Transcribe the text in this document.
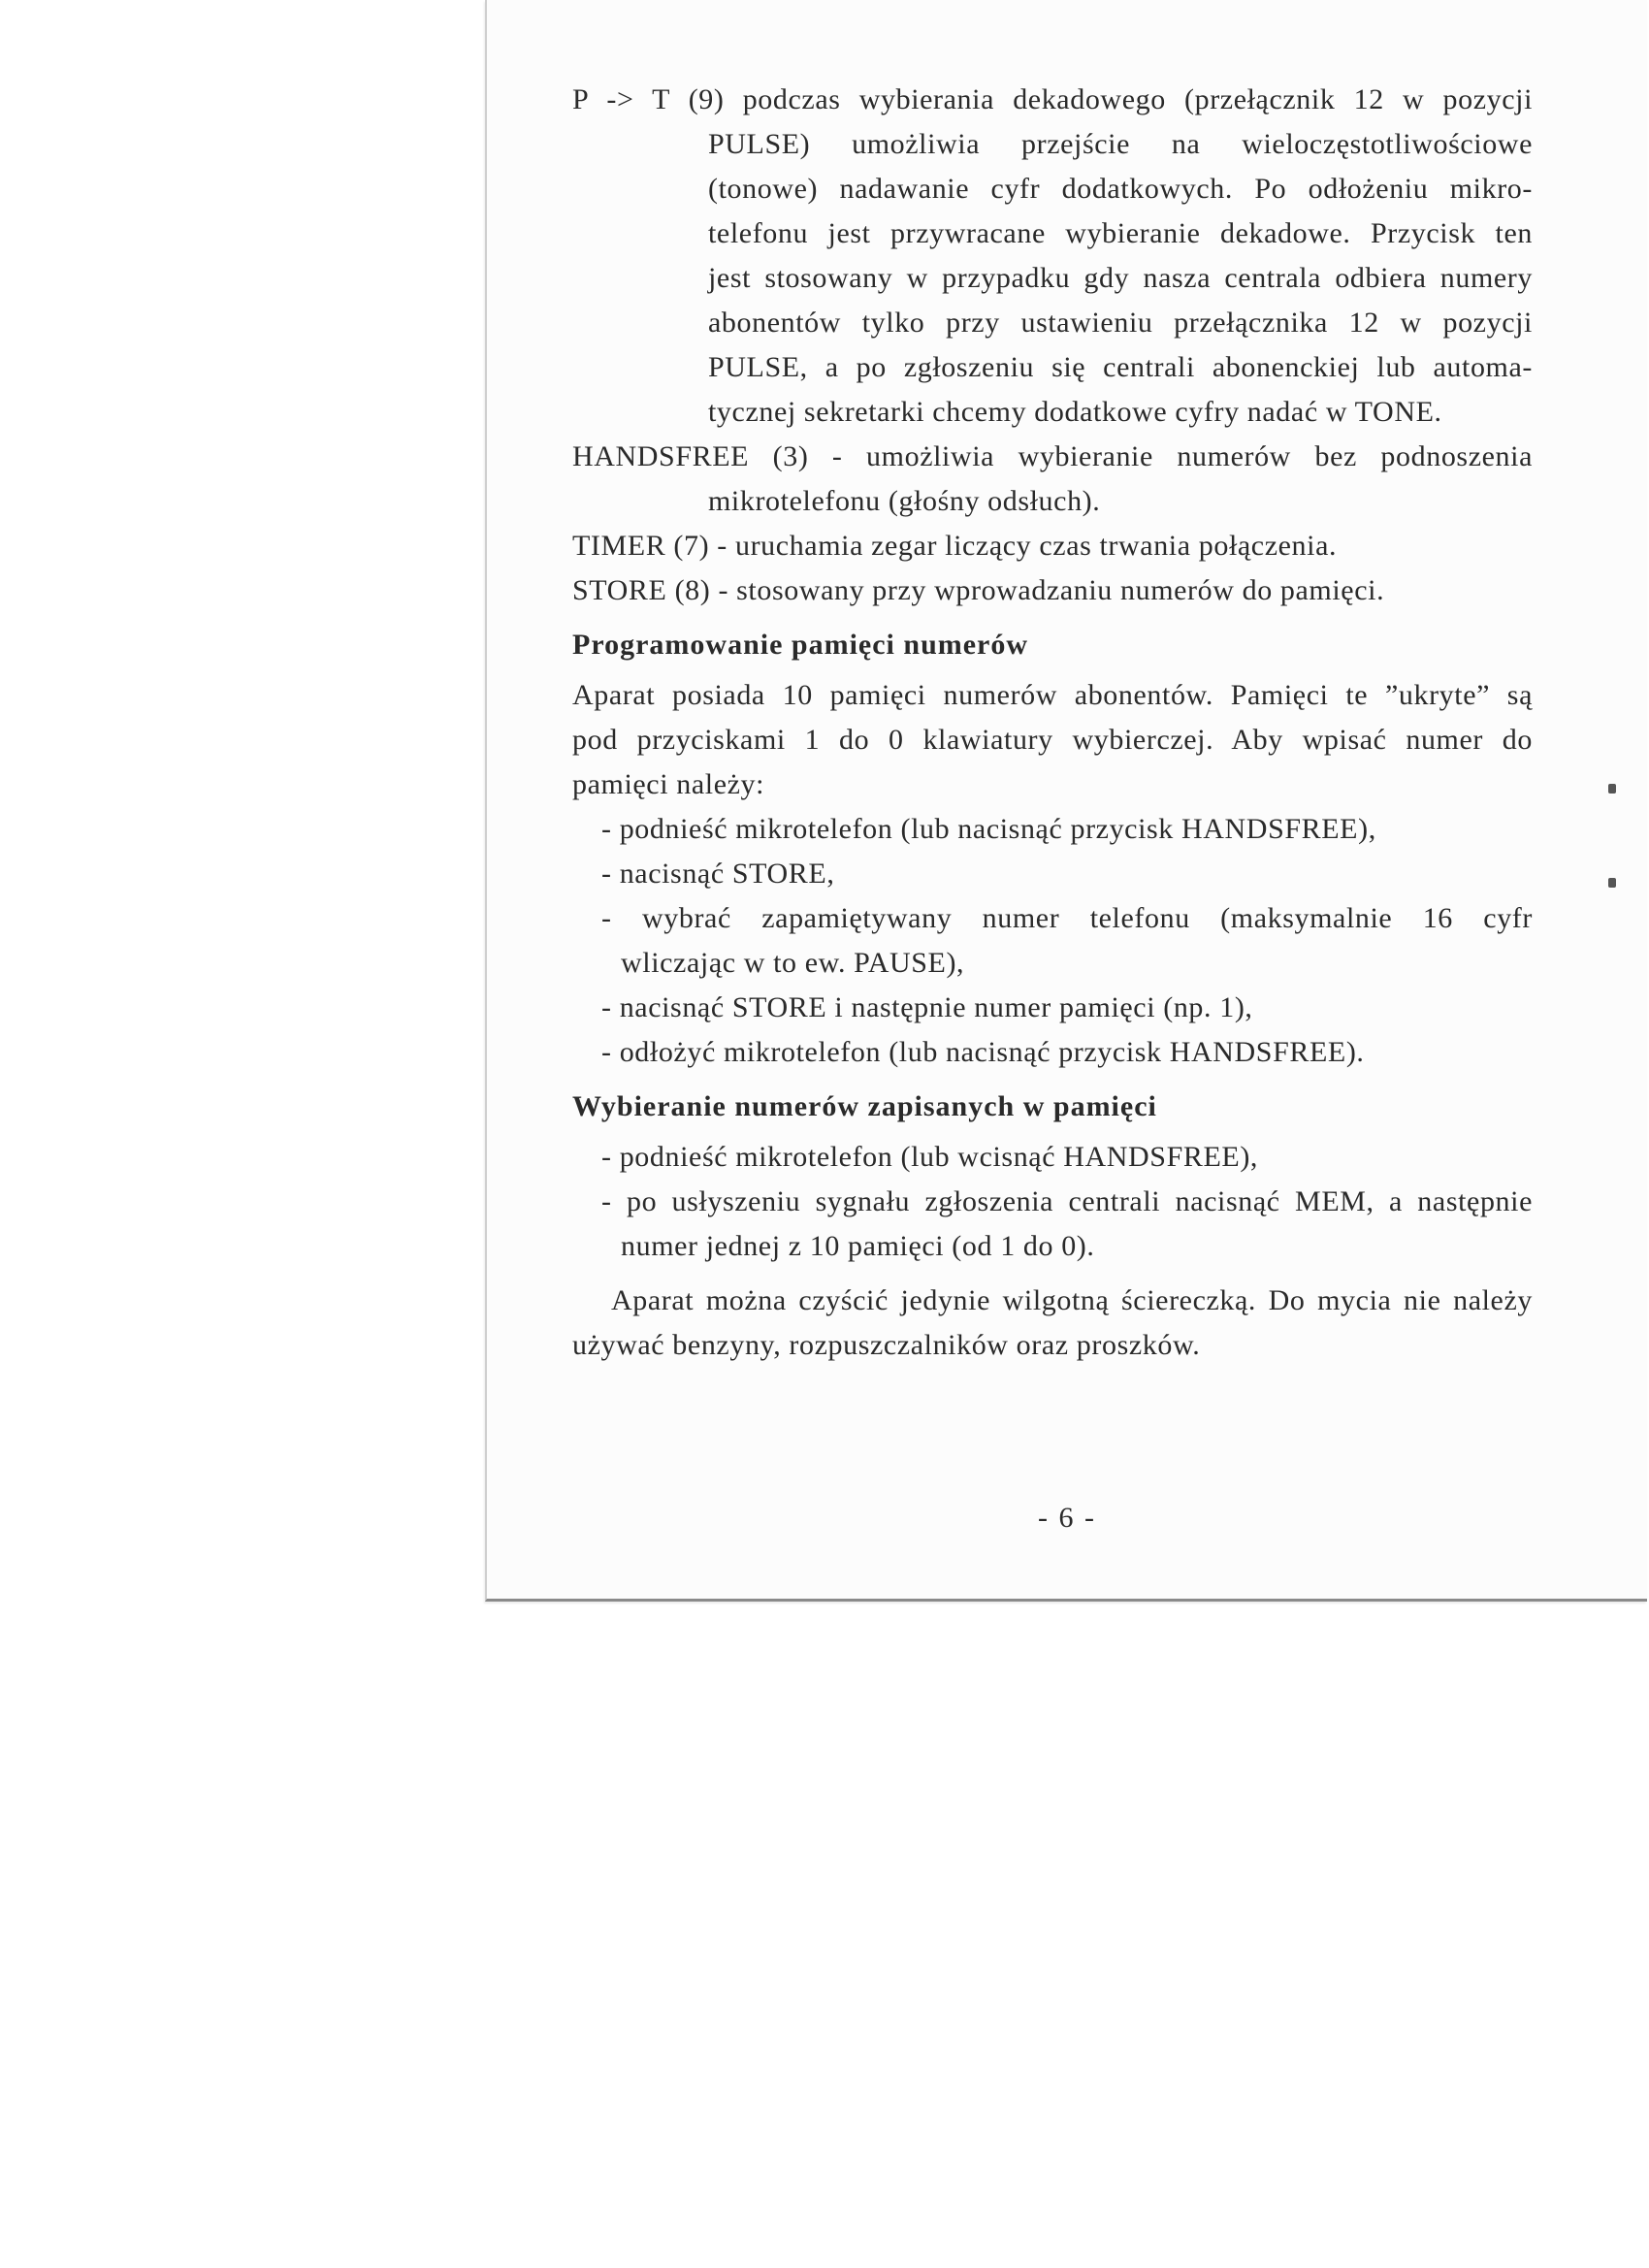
P -> T (9) podczas wybierania dekadowego (przełącznik 12 w pozycji
PULSE) umożliwia przejście na wieloczęstotliwościowe
(tonowe) nadawanie cyfr dodatkowych. Po odłożeniu mikro-
telefonu jest przywracane wybieranie dekadowe. Przycisk ten
jest stosowany w przypadku gdy nasza centrala odbiera numery
abonentów tylko przy ustawieniu przełącznika 12 w pozycji
PULSE, a po zgłoszeniu się centrali abonenckiej lub automa-
tycznej sekretarki chcemy dodatkowe cyfry nadać w TONE.
HANDSFREE (3) - umożliwia wybieranie numerów bez podnoszenia
mikrotelefonu (głośny odsłuch).
TIMER (7) - uruchamia zegar liczący czas trwania połączenia.
STORE (8) - stosowany przy wprowadzaniu numerów do pamięci.
Programowanie pamięci numerów
Aparat posiada 10 pamięci numerów abonentów. Pamięci te ”ukryte” są
pod przyciskami 1 do 0 klawiatury wybierczej. Aby wpisać numer do
pamięci należy:
- podnieść mikrotelefon (lub nacisnąć przycisk HANDSFREE),
- nacisnąć STORE,
- wybrać zapamiętywany numer telefonu (maksymalnie 16 cyfr
wliczając w to ew. PAUSE),
- nacisnąć STORE i następnie numer pamięci (np. 1),
- odłożyć mikrotelefon (lub nacisnąć przycisk HANDSFREE).
Wybieranie numerów zapisanych w pamięci
- podnieść mikrotelefon (lub wcisnąć HANDSFREE),
- po usłyszeniu sygnału zgłoszenia centrali nacisnąć MEM, a następnie
numer jednej z 10 pamięci (od 1 do 0).
Aparat można czyścić jedynie wilgotną ściereczką. Do mycia nie należy
używać benzyny, rozpuszczalników oraz proszków.
- 6 -
